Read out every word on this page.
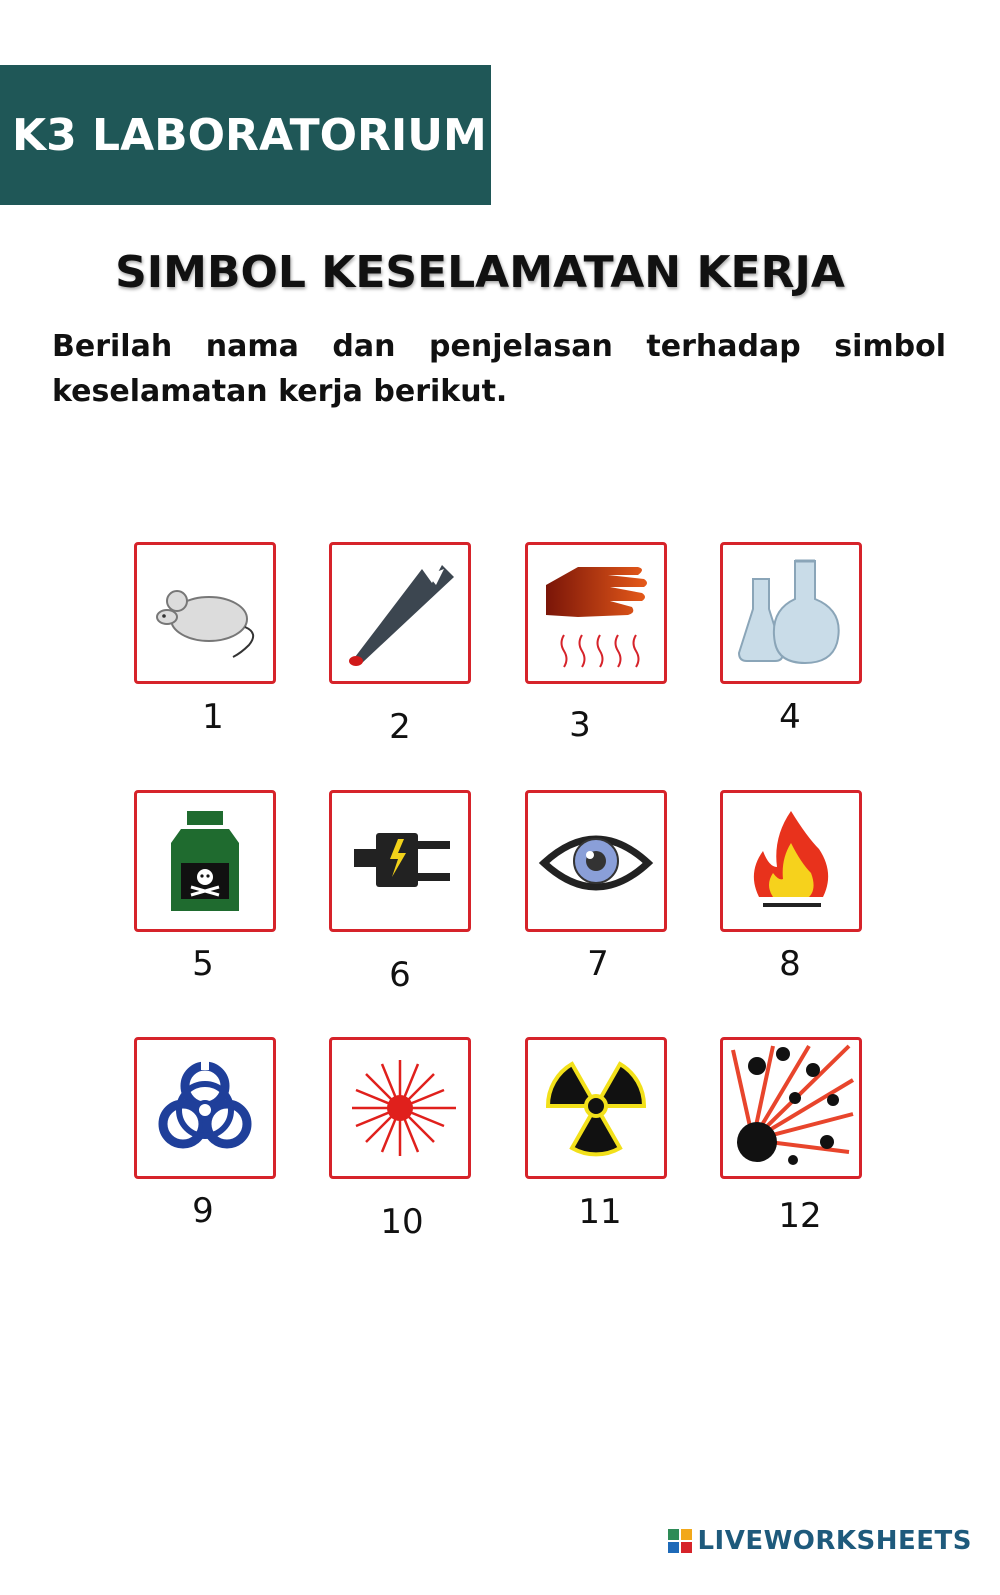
K3 LABORATORIUM
SIMBOL KESELAMATAN KERJA
Berilah nama dan penjelasan terhadap simbol keselamatan kerja berikut.
1	2	3	4
5	6	7	8
9	10	11	12
LIVEWORKSHEETS
